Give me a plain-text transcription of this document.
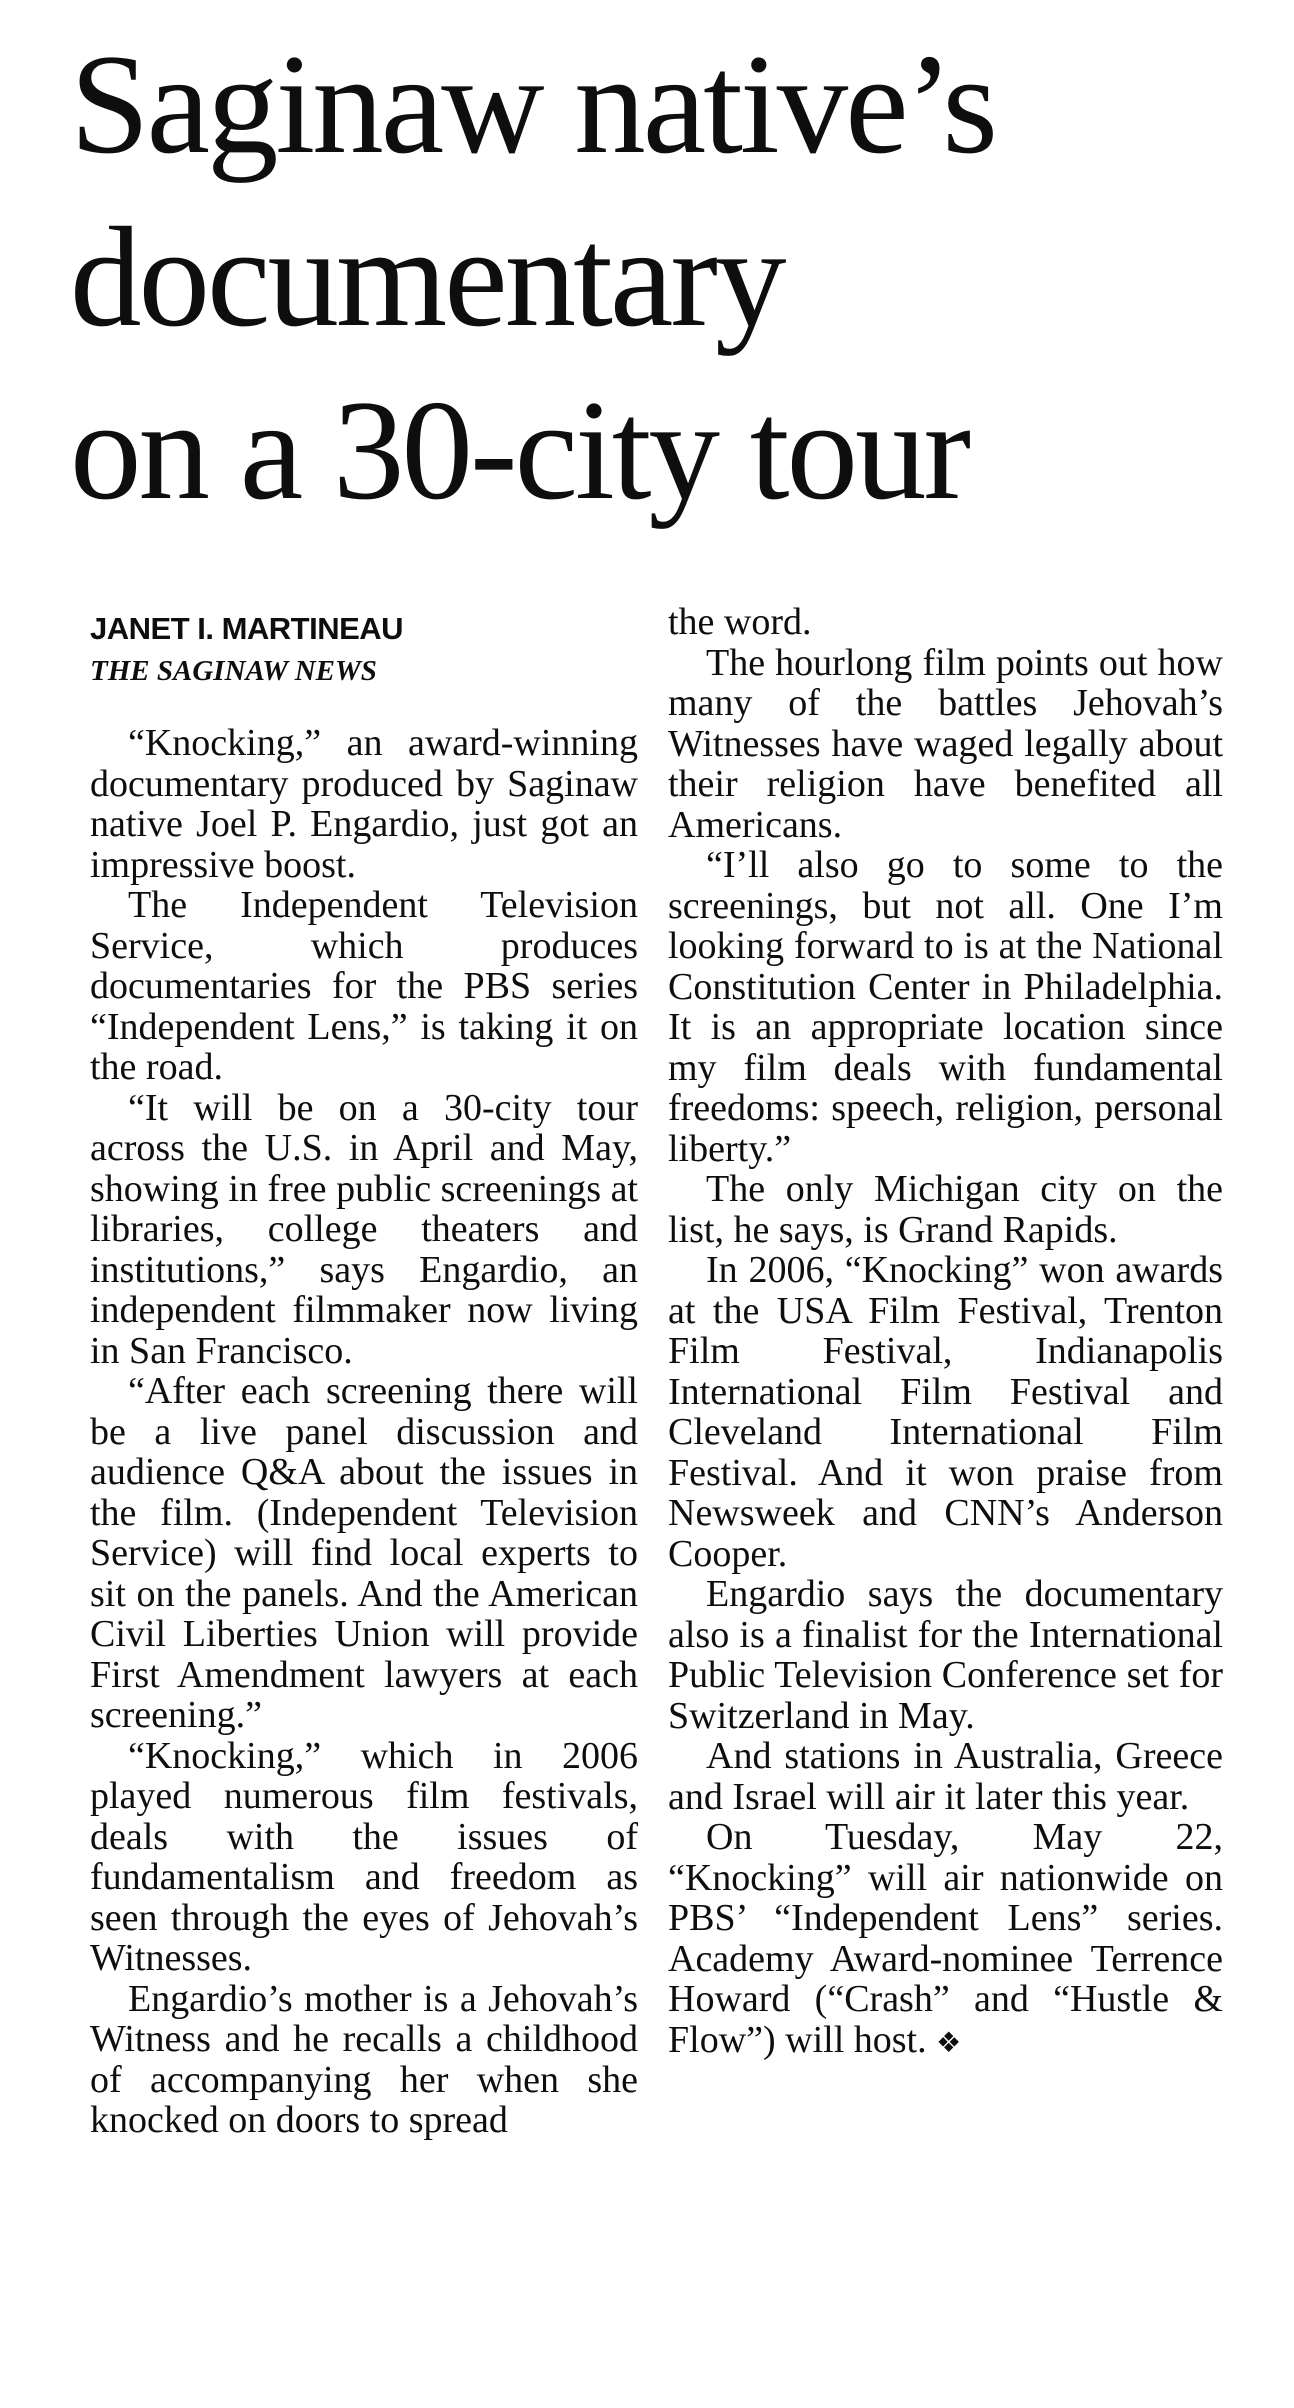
Saginaw native’s
documentary
on a 30-city tour
JANET I. MARTINEAU
THE SAGINAW NEWS

“Knocking,” an award-winning documentary produced by Saginaw native Joel P. Engardio, just got an impressive boost.

The Independent Television Service, which produces documentaries for the PBS series “Independent Lens,” is taking it on the road.

“It will be on a 30-city tour across the U.S. in April and May, showing in free public screenings at libraries, college theaters and institutions,” says Engardio, an independent filmmaker now living in San Francisco.

“After each screening there will be a live panel discussion and audience Q&A about the issues in the film. (Independent Television Service) will find local experts to sit on the panels. And the American Civil Liberties Union will provide First Amendment lawyers at each screening.”

“Knocking,” which in 2006 played numerous film festivals, deals with the issues of fundamentalism and freedom as seen through the eyes of Jehovah’s Witnesses.

Engardio’s mother is a Jehovah’s Witness and he recalls a childhood of accompanying her when she knocked on doors to spread

the word.

The hourlong film points out how many of the battles Jehovah’s Witnesses have waged legally about their religion have benefited all Americans.

“I’ll also go to some to the screenings, but not all. One I’m looking forward to is at the National Constitution Center in Philadelphia. It is an appropriate location since my film deals with fundamental freedoms: speech, religion, personal liberty.”

The only Michigan city on the list, he says, is Grand Rapids.

In 2006, “Knocking” won awards at the USA Film Festival, Trenton Film Festival, Indianapolis International Film Festival and Cleveland International Film Festival. And it won praise from Newsweek and CNN’s Anderson Cooper.

Engardio says the documentary also is a finalist for the International Public Television Conference set for Switzerland in May.

And stations in Australia, Greece and Israel will air it later this year.

On Tuesday, May 22, “Knocking” will air nationwide on PBS’ “Independent Lens” series. Academy Award-nominee Terrence Howard (“Crash” and “Hustle & Flow”) will host. ❖
